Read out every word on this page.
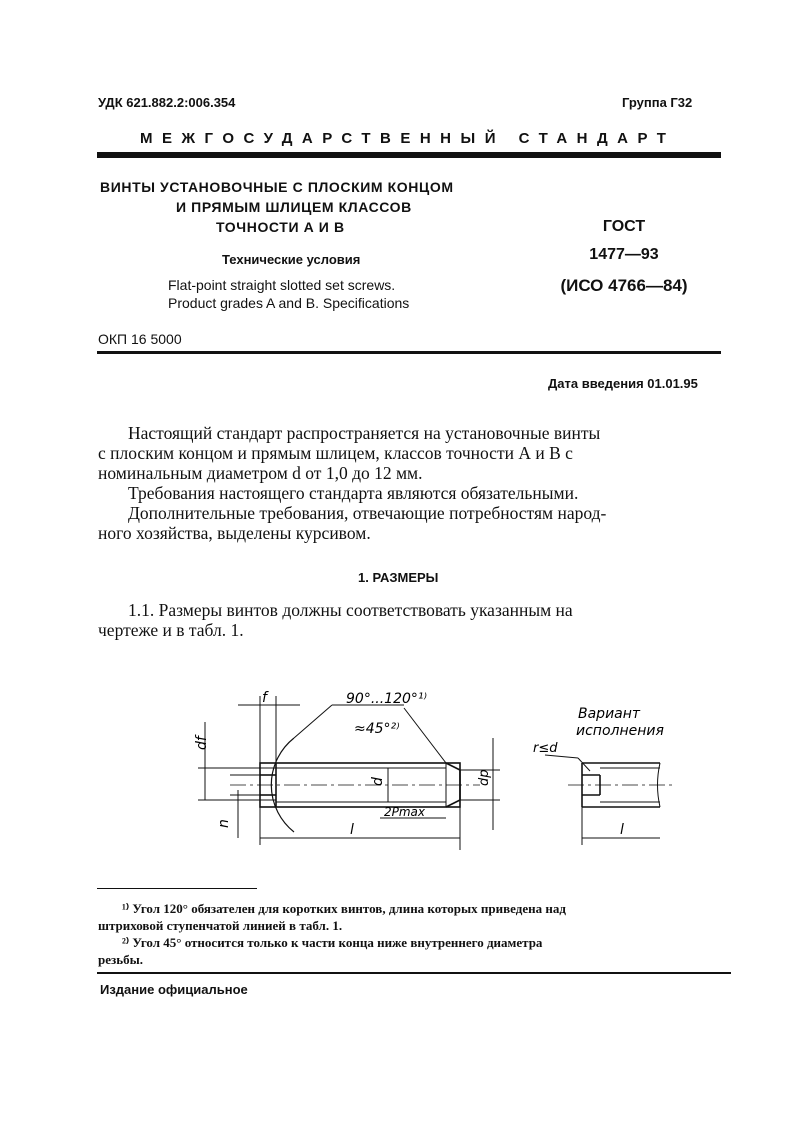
УДК 621.882.2:006.354	Группа Г32
МЕЖГОСУДАРСТВЕННЫЙ СТАНДАРТ
ВИНТЫ УСТАНОВОЧНЫЕ С ПЛОСКИМ КОНЦОМ
И ПРЯМЫМ ШЛИЦЕМ КЛАССОВ
ТОЧНОСТИ А И B
Технические условия
Flat-point straight slotted set screws.
Product grades A and B. Specifications
ГОСТ
1477—93
(ИСО 4766—84)
ОКП 16 5000
Дата введения 01.01.95
Настоящий стандарт распространяется на установочные винты
с плоским концом и прямым шлицем, классов точности А и B с
номинальным диаметром d от 1,0 до 12 мм.
Требования настоящего стандарта являются обязательными.
Дополнительные требования, отвечающие потребностям народ-
ного хозяйства, выделены курсивом.
1. РАЗМЕРЫ
1.1. Размеры винтов должны соответствовать указанным на
чертеже и в табл. 1.
f	90°...120°¹⁾
≈45°²⁾
df
n
d	dp
2Pmax
l
Вариант
исполнения
r≤d
l
¹⁾ Угол 120° обязателен для коротких винтов, длина которых приведена над
штриховой ступенчатой линией в табл. 1.
²⁾ Угол 45° относится только к части конца ниже внутреннего диаметра
резьбы.
Издание официальное
